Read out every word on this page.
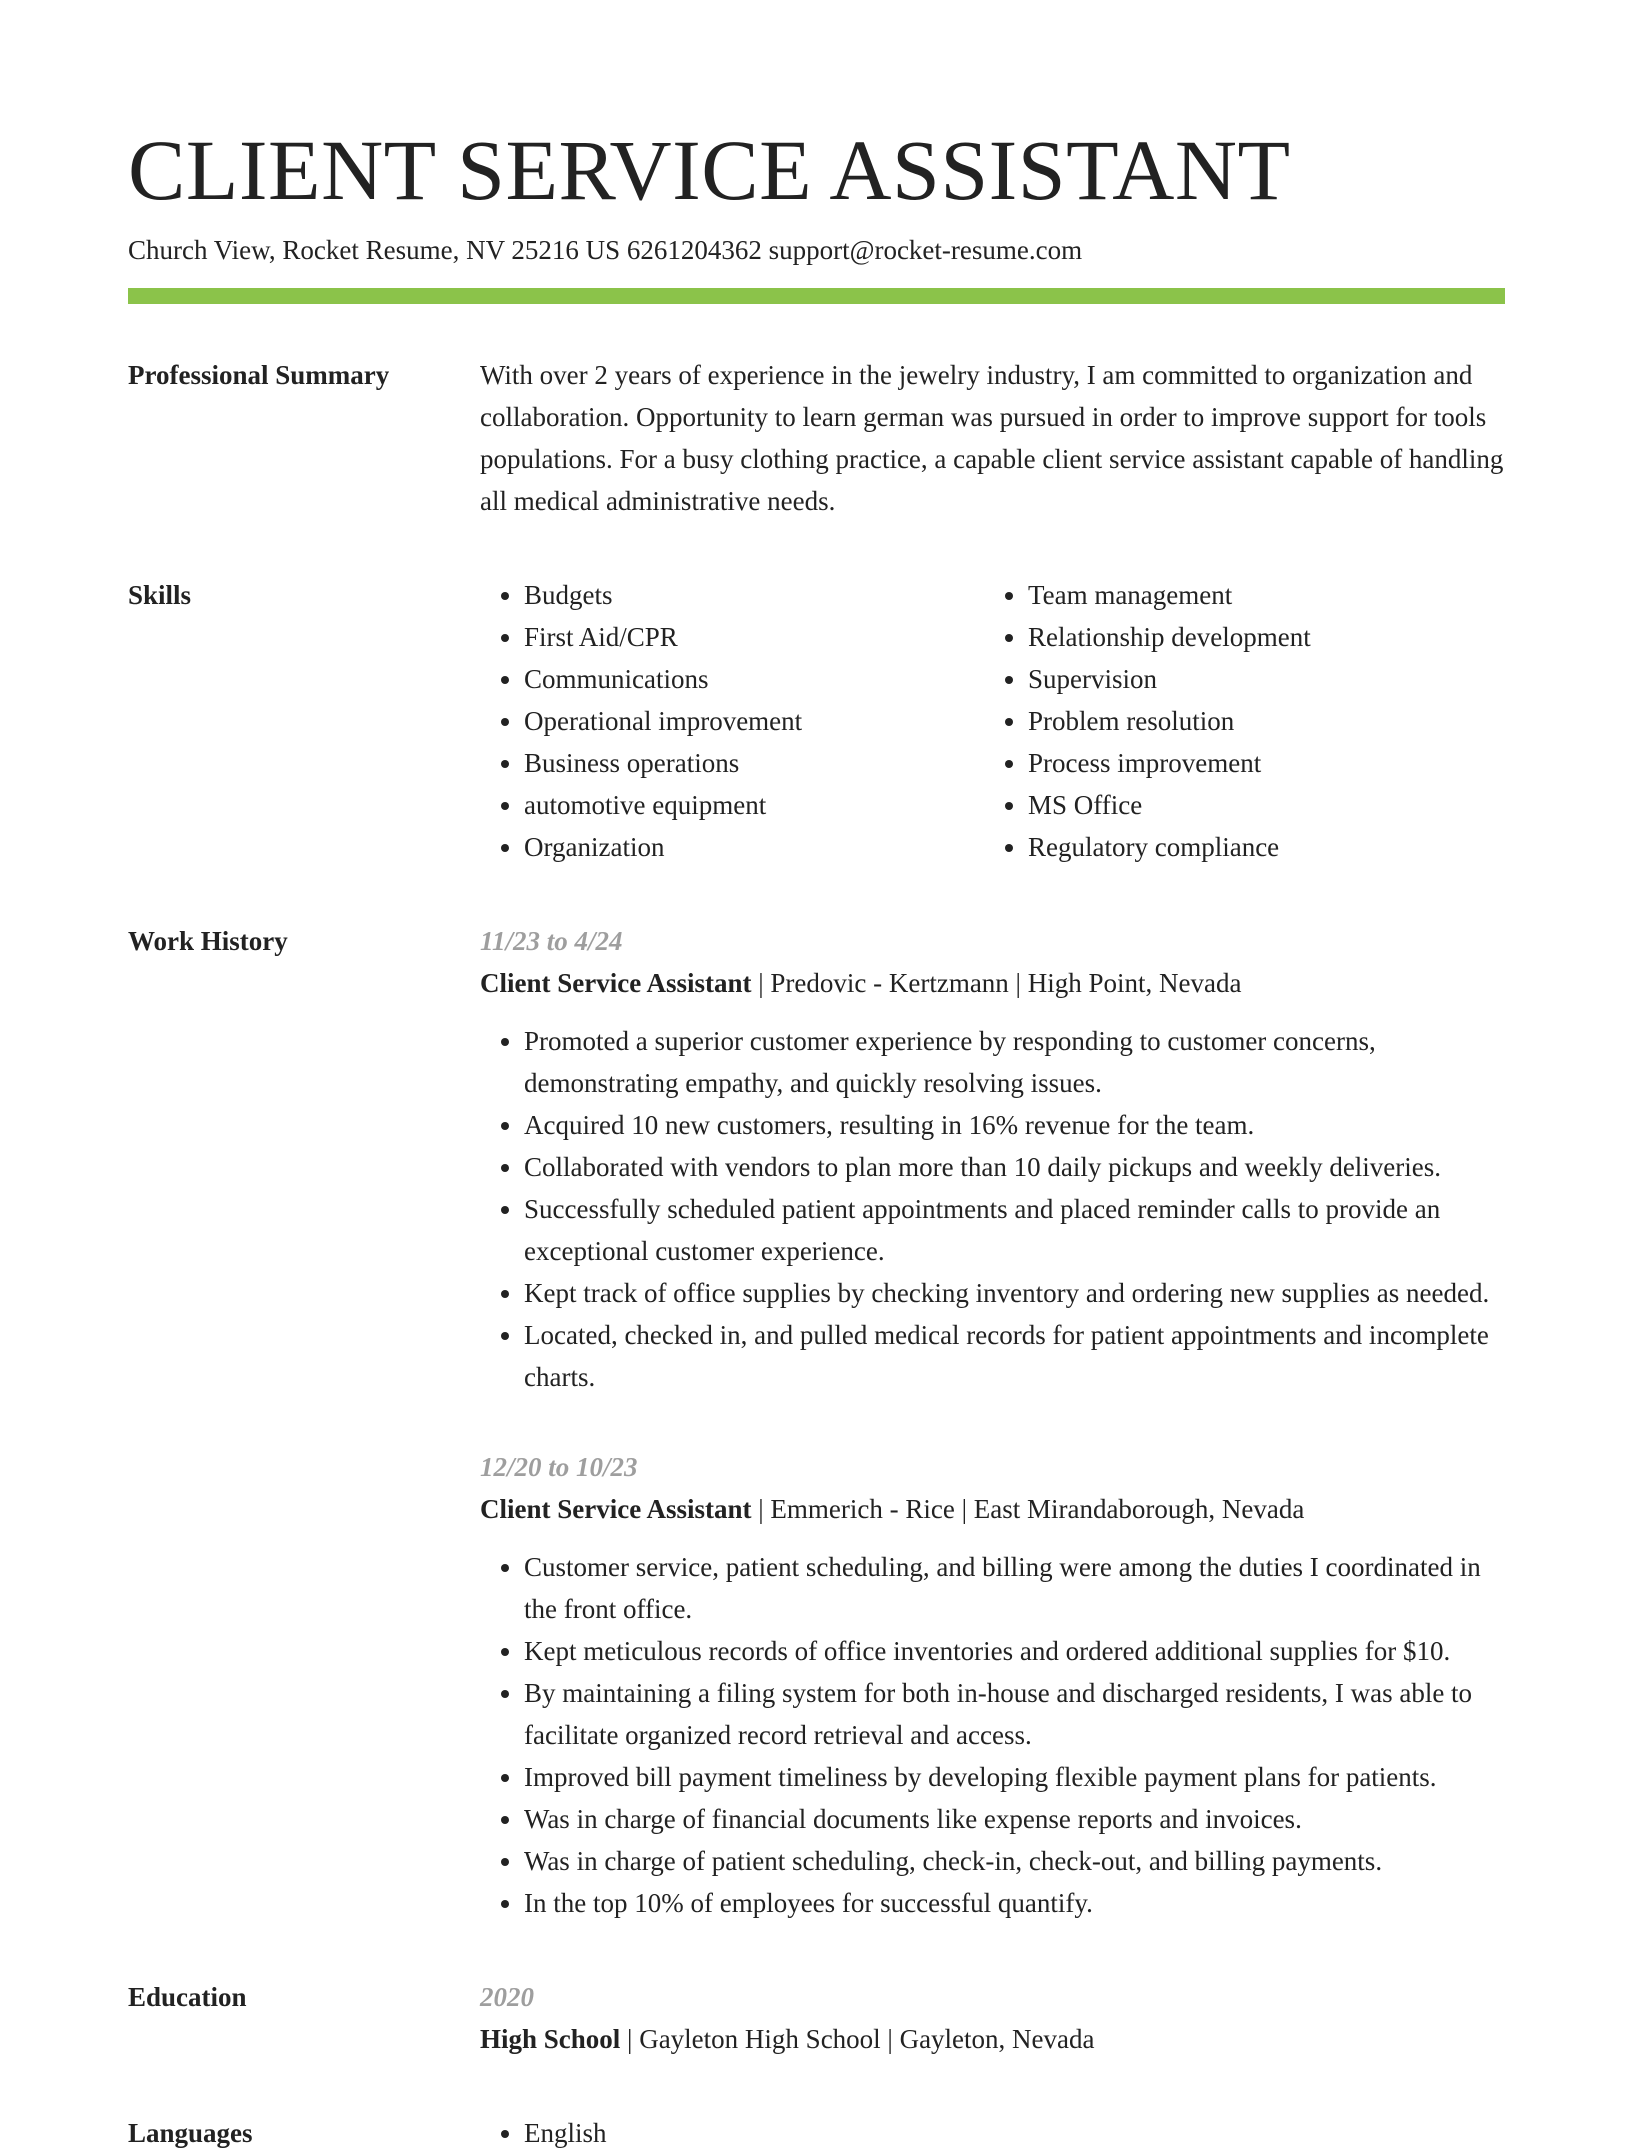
CLIENT SERVICE ASSISTANT
Church View, Rocket Resume, NV 25216 US 6261204362 support@rocket-resume.com
Professional Summary	With over 2 years of experience in the jewelry industry, I am committed to organization and collaboration. Opportunity to learn german was pursued in order to improve support for tools populations. For a busy clothing practice, a capable client service assistant capable of handling all medical administrative needs.

Skills	• Budgets
• First Aid/CPR
• Communications
• Operational improvement
• Business operations
• automotive equipment
• Organization
• Team management
• Relationship development
• Supervision
• Problem resolution
• Process improvement
• MS Office
• Regulatory compliance
Work History	11/23 to 4/24
Client Service Assistant | Predovic - Kertzmann | High Point, Nevada
• Promoted a superior customer experience by responding to customer concerns, demonstrating empathy, and quickly resolving issues.
• Acquired 10 new customers, resulting in 16% revenue for the team.
• Collaborated with vendors to plan more than 10 daily pickups and weekly deliveries.
• Successfully scheduled patient appointments and placed reminder calls to provide an exceptional customer experience.
• Kept track of office supplies by checking inventory and ordering new supplies as needed.
• Located, checked in, and pulled medical records for patient appointments and incomplete charts.
12/20 to 10/23
Client Service Assistant | Emmerich - Rice | East Mirandaborough, Nevada
• Customer service, patient scheduling, and billing were among the duties I coordinated in the front office.
• Kept meticulous records of office inventories and ordered additional supplies for $10.
• By maintaining a filing system for both in-house and discharged residents, I was able to facilitate organized record retrieval and access.
• Improved bill payment timeliness by developing flexible payment plans for patients.
• Was in charge of financial documents like expense reports and invoices.
• Was in charge of patient scheduling, check-in, check-out, and billing payments.
• In the top 10% of employees for successful quantify.
Education	2020
High School | Gayleton High School | Gayleton, Nevada
Languages	• English
